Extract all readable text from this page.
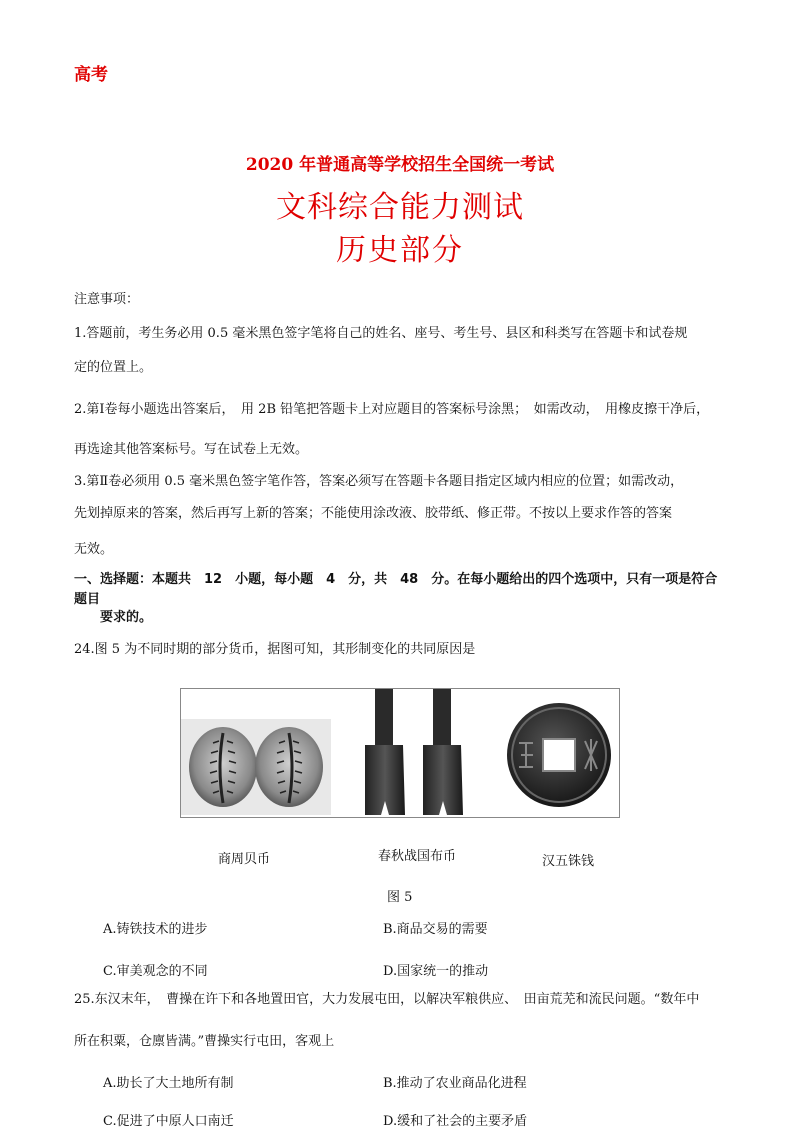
高考
2020 年普通高等学校招生全国统一考试
文科综合能力测试
历史部分
注意事项：
1.答题前，考生务必用 0.5 毫米黑色签字笔将自己的姓名、座号、考生号、县区和科类写在答题卡和试卷规
定的位置上。
2.第Ⅰ卷每小题选出答案后，　用 2B 铅笔把答题卡上对应题目的答案标号涂黑；　如需改动，　用橡皮擦干净后，
再选途其他答案标号。写在试卷上无效。
3.第Ⅱ卷必须用 0.5 毫米黑色签字笔作答，答案必须写在答题卡各题目指定区域内相应的位置；如需改动，
先划掉原来的答案，然后再写上新的答案；不能使用涂改液、胶带纸、修正带。不按以上要求作答的答案
无效。
一、选择题：本题共　12　小题，每小题　4　分，共　48　分。在每小题给出的四个选项中，只有一项是符合题目
要求的。
24.图 5 为不同时期的部分货币，据图可知，其形制变化的共同原因是
商周贝币	春秋战国布币	汉五铢钱
图 5
A.铸铁技术的进步	B.商品交易的需要
C.审美观念的不同	D.国家统一的推动
25.东汉末年，　曹操在许下和各地置田官，大力发展屯田，以解决军粮供应、　田亩荒芜和流民问题。“数年中
所在积粟，仓廪皆满。”曹操实行屯田，客观上
A.助长了大土地所有制	B.推动了农业商品化进程
C.促进了中原人口南迁	D.缓和了社会的主要矛盾
